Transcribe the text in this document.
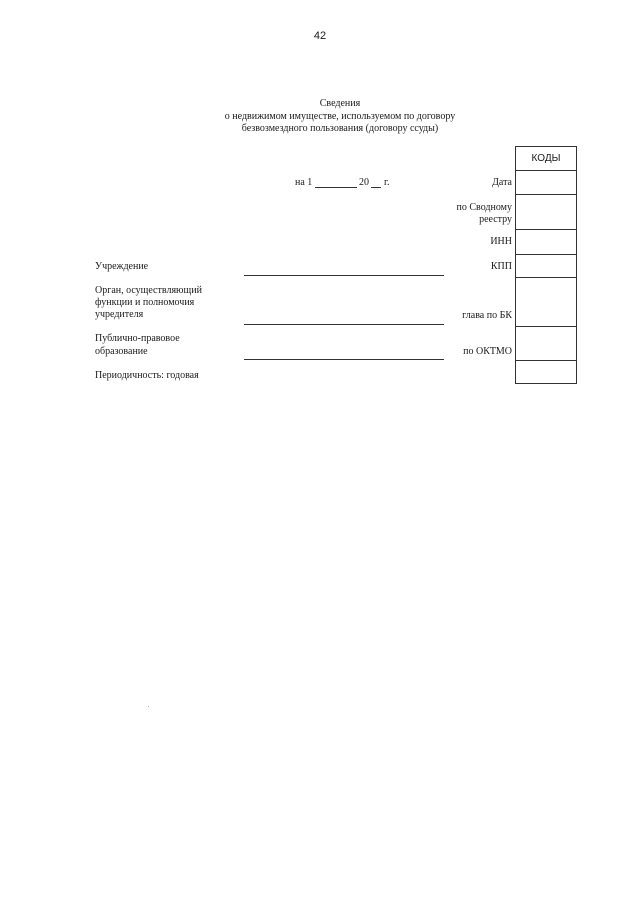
42
Сведения
о недвижимом имуществе, используемом по договору
безвозмездного пользования (договору ссуды)
на 1	20 г.	Дата
по Сводному
реестру
ИНН
КПП
глава по БК
по ОКТМО
КОДЫ
Учреждение
Орган, осуществляющий
функции и полномочия
учредителя
Публично-правовое
образование
Периодичность: годовая
